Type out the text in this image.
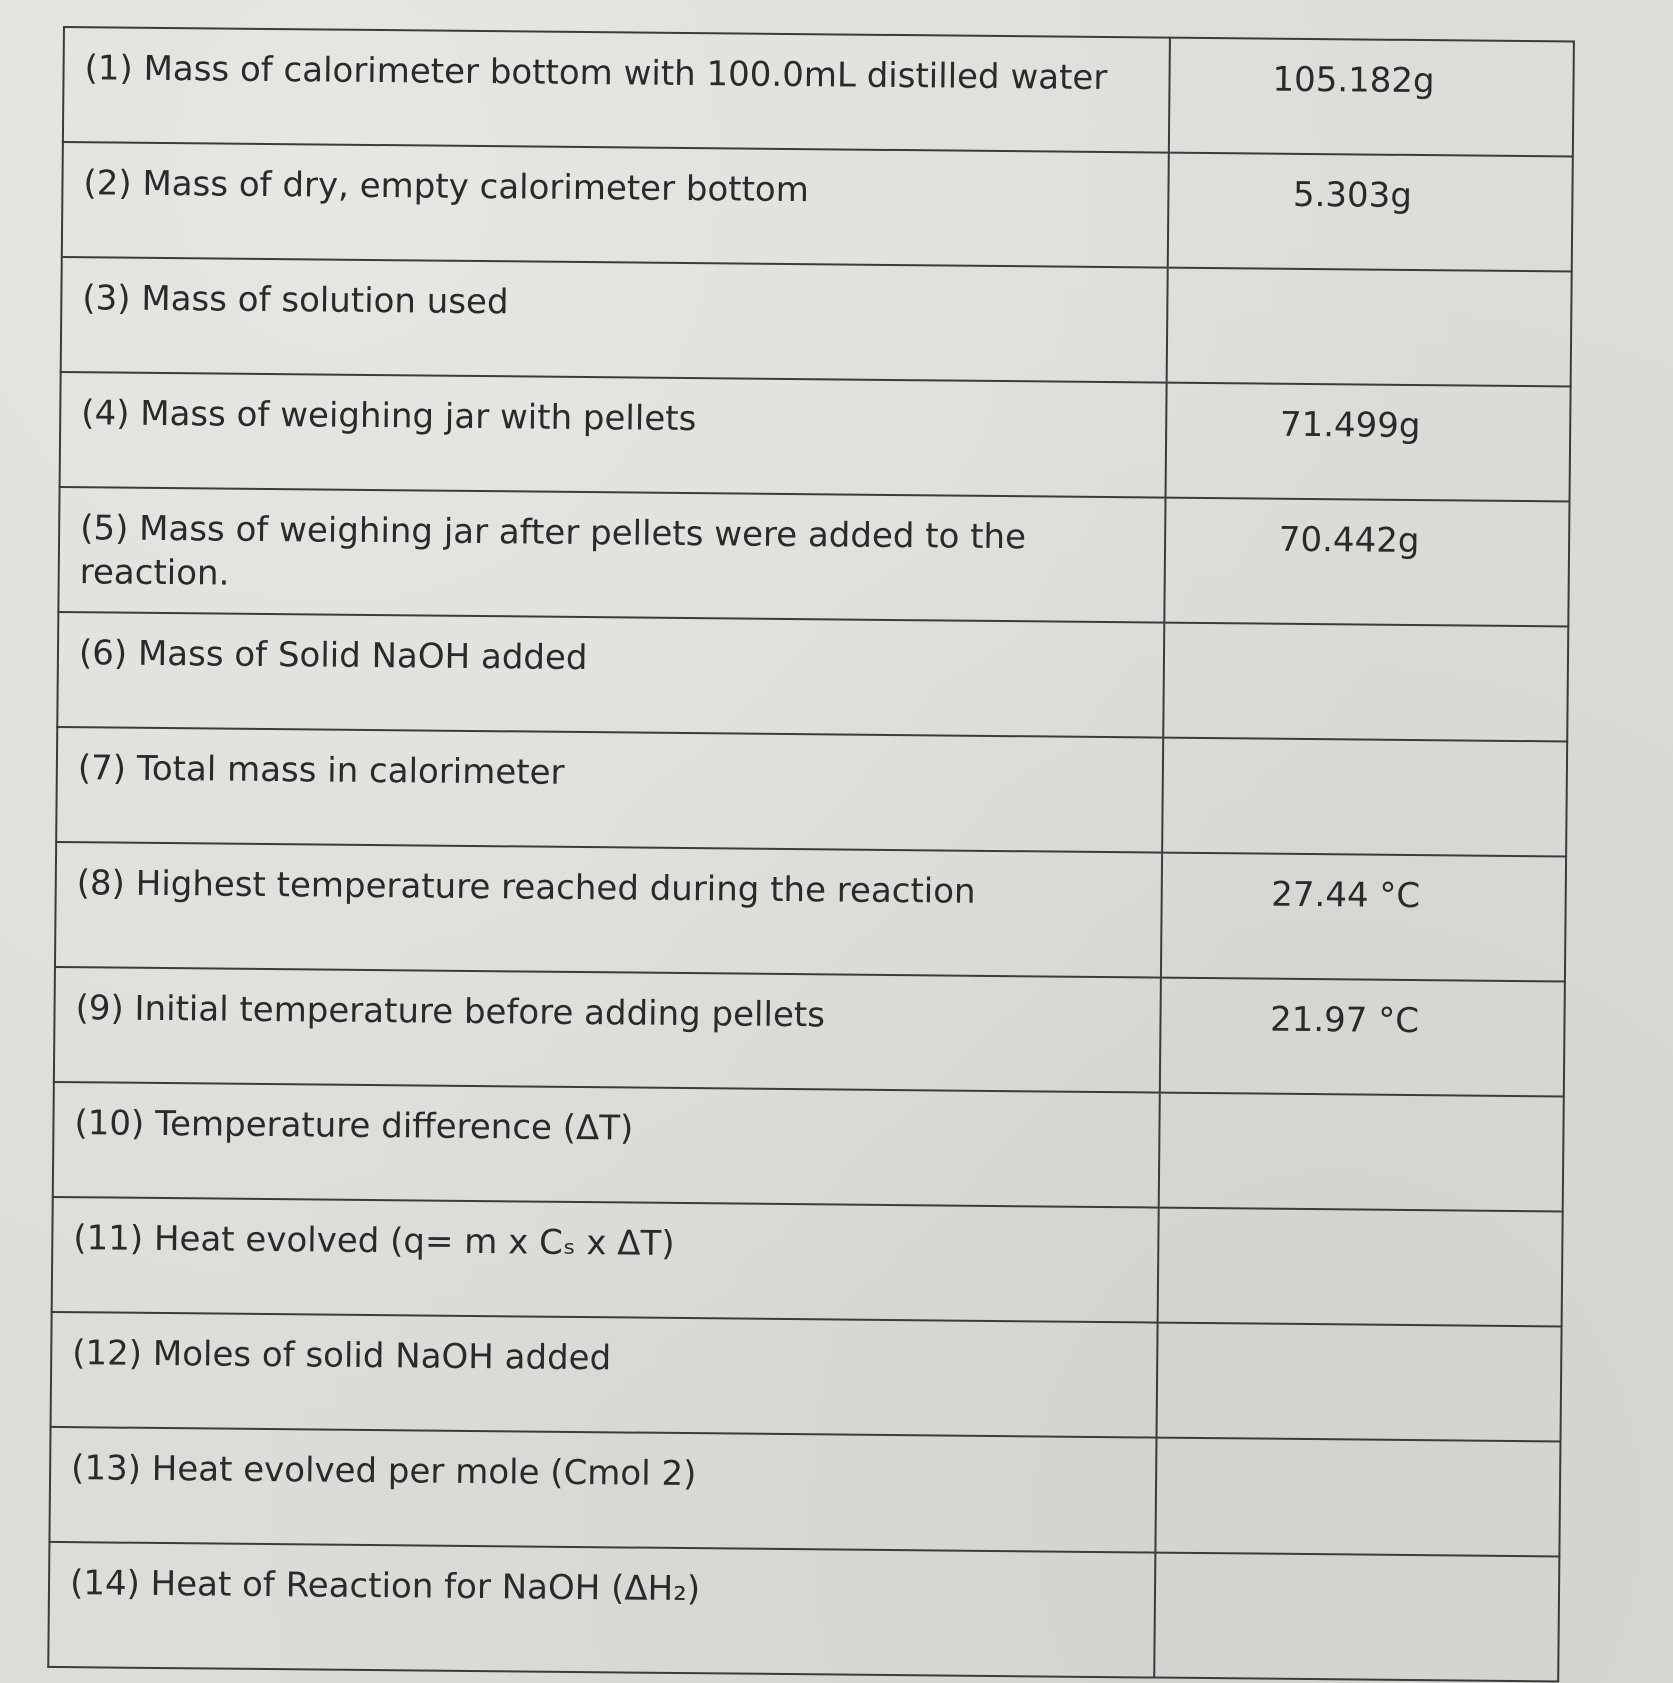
(1) Mass of calorimeter bottom with 100.0mL distilled water	105.182g
(2) Mass of dry, empty calorimeter bottom	5.303g
(3) Mass of solution used	
(4) Mass of weighing jar with pellets	71.499g
(5) Mass of weighing jar after pellets were added to the reaction.	70.442g
(6) Mass of Solid NaOH added	
(7) Total mass in calorimeter	
(8) Highest temperature reached during the reaction	27.44 °C
(9) Initial temperature before adding pellets	21.97 °C
(10) Temperature difference (ΔT)	
(11) Heat evolved (q= m x Cₛ x ΔT)	
(12) Moles of solid NaOH added	
(13) Heat evolved per mole (Cmol 2)	
(14) Heat of Reaction for NaOH (ΔH₂)	
